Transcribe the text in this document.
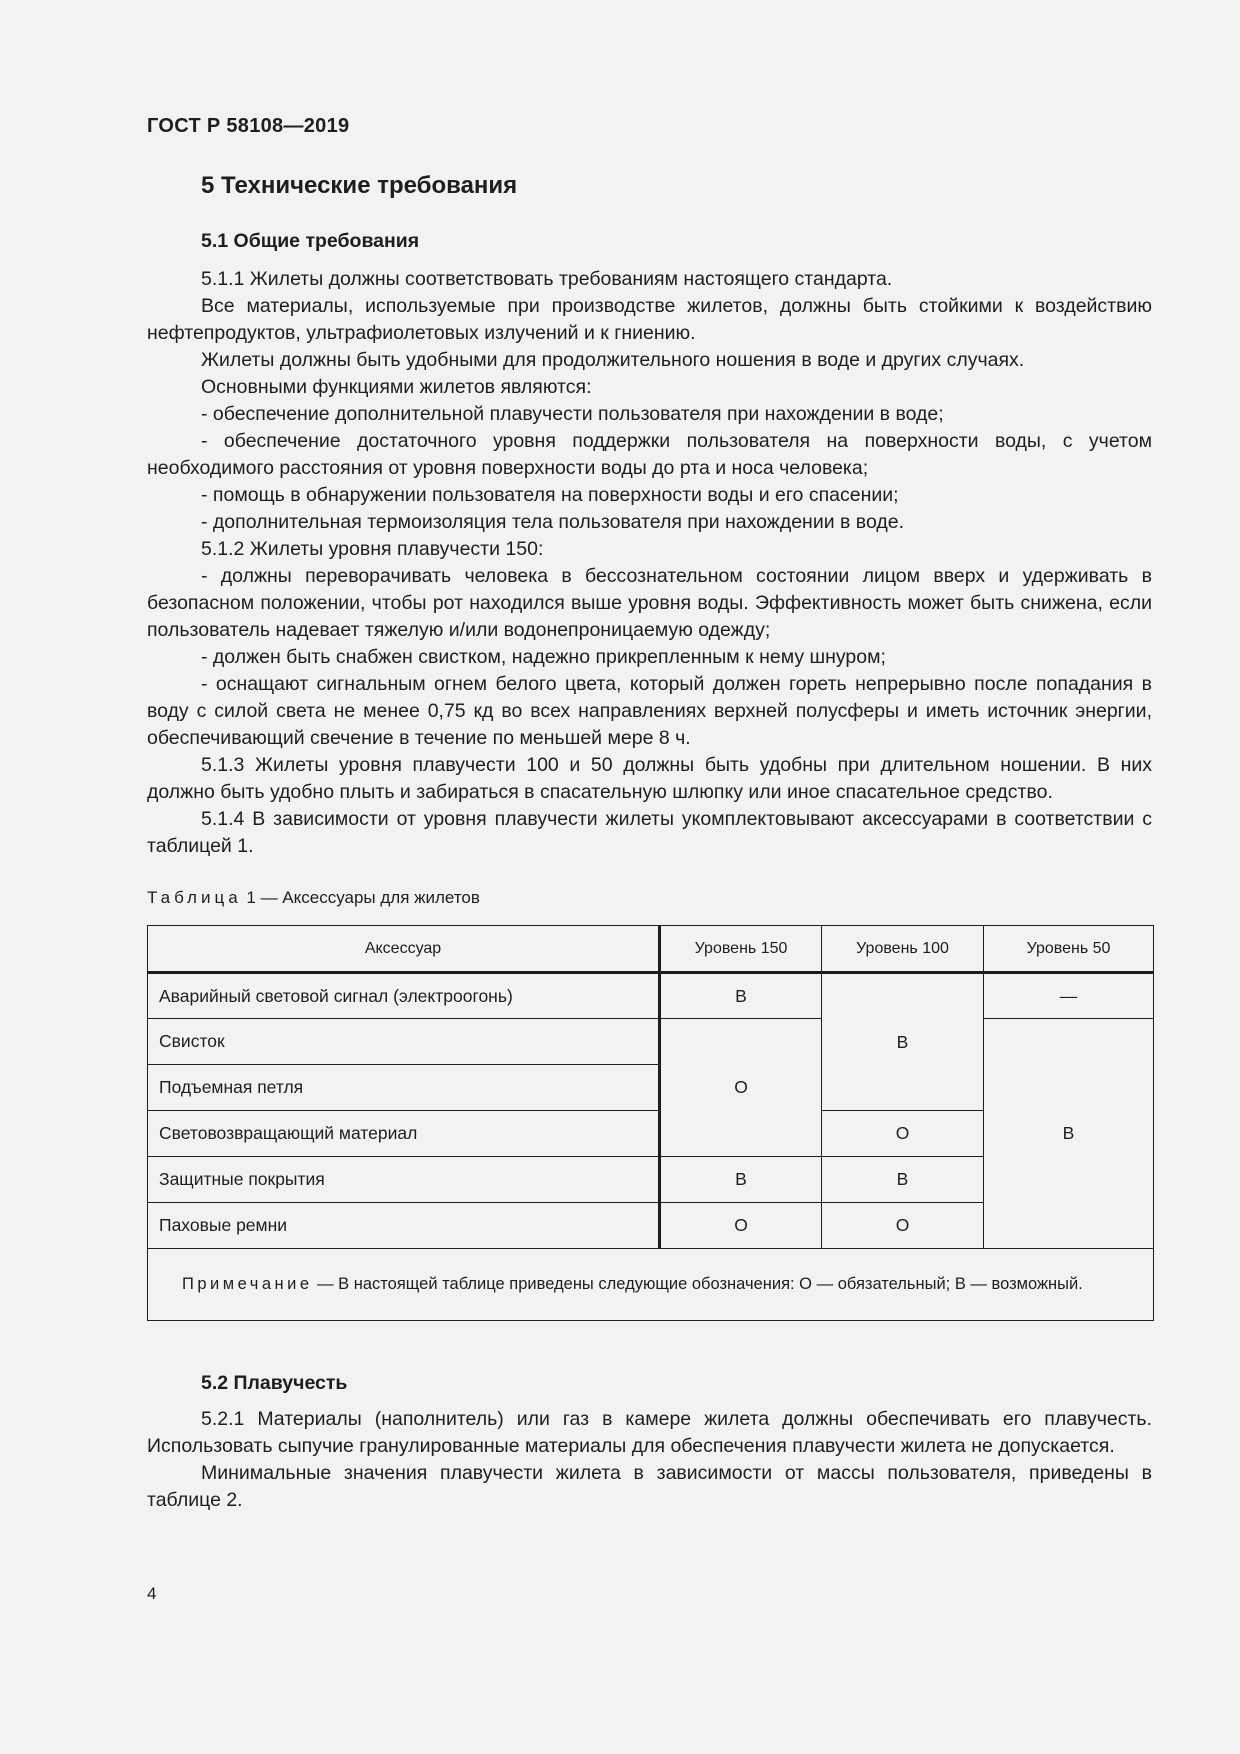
ГОСТ Р 58108—2019
5 Технические требования
5.1 Общие требования

5.1.1 Жилеты должны соответствовать требованиям настоящего стандарта.

Все материалы, используемые при производстве жилетов, должны быть стойкими к воздействию нефтепродуктов, ультрафиолетовых излучений и к гниению.

Жилеты должны быть удобными для продолжительного ношения в воде и других случаях.

Основными функциями жилетов являются:

- обеспечение дополнительной плавучести пользователя при нахождении в воде;

- обеспечение достаточного уровня поддержки пользователя на поверхности воды, с учетом необходимого расстояния от уровня поверхности воды до рта и носа человека;

- помощь в обнаружении пользователя на поверхности воды и его спасении;

- дополнительная термоизоляция тела пользователя при нахождении в воде.

5.1.2 Жилеты уровня плавучести 150:

- должны переворачивать человека в бессознательном состоянии лицом вверх и удерживать в безопасном положении, чтобы рот находился выше уровня воды. Эффективность может быть снижена, если пользователь надевает тяжелую и/или водонепроницаемую одежду;

- должен быть снабжен свистком, надежно прикрепленным к нему шнуром;

- оснащают сигнальным огнем белого цвета, который должен гореть непрерывно после попадания в воду с силой света не менее 0,75 кд во всех направлениях верхней полусферы и иметь источник энергии, обеспечивающий свечение в течение по меньшей мере 8 ч.

5.1.3 Жилеты уровня плавучести 100 и 50 должны быть удобны при длительном ношении. В них должно быть удобно плыть и забираться в спасательную шлюпку или иное спасательное средство.

5.1.4 В зависимости от уровня плавучести жилеты укомплектовывают аксессуарами в соответствии с таблицей 1.

Таблица 1 — Аксессуары для жилетов
Аксессуар	Уровень 150	Уровень 100	Уровень 50
Аварийный световой сигнал (электроогонь)	В	В	—
Свисток	О		В
Подъемная петля			
Световозвращающий материал		О	
Защитные покрытия	В	В	
Паховые ремни	О	О	
Примечание — В настоящей таблице приведены следующие обозначения: О — обязательный; В — возможный.			
5.2 Плавучесть

5.2.1 Материалы (наполнитель) или газ в камере жилета должны обеспечивать его плавучесть. Использовать сыпучие гранулированные материалы для обеспечения плавучести жилета не допускается.

Минимальные значения плавучести жилета в зависимости от массы пользователя, приведены в таблице 2.

4
